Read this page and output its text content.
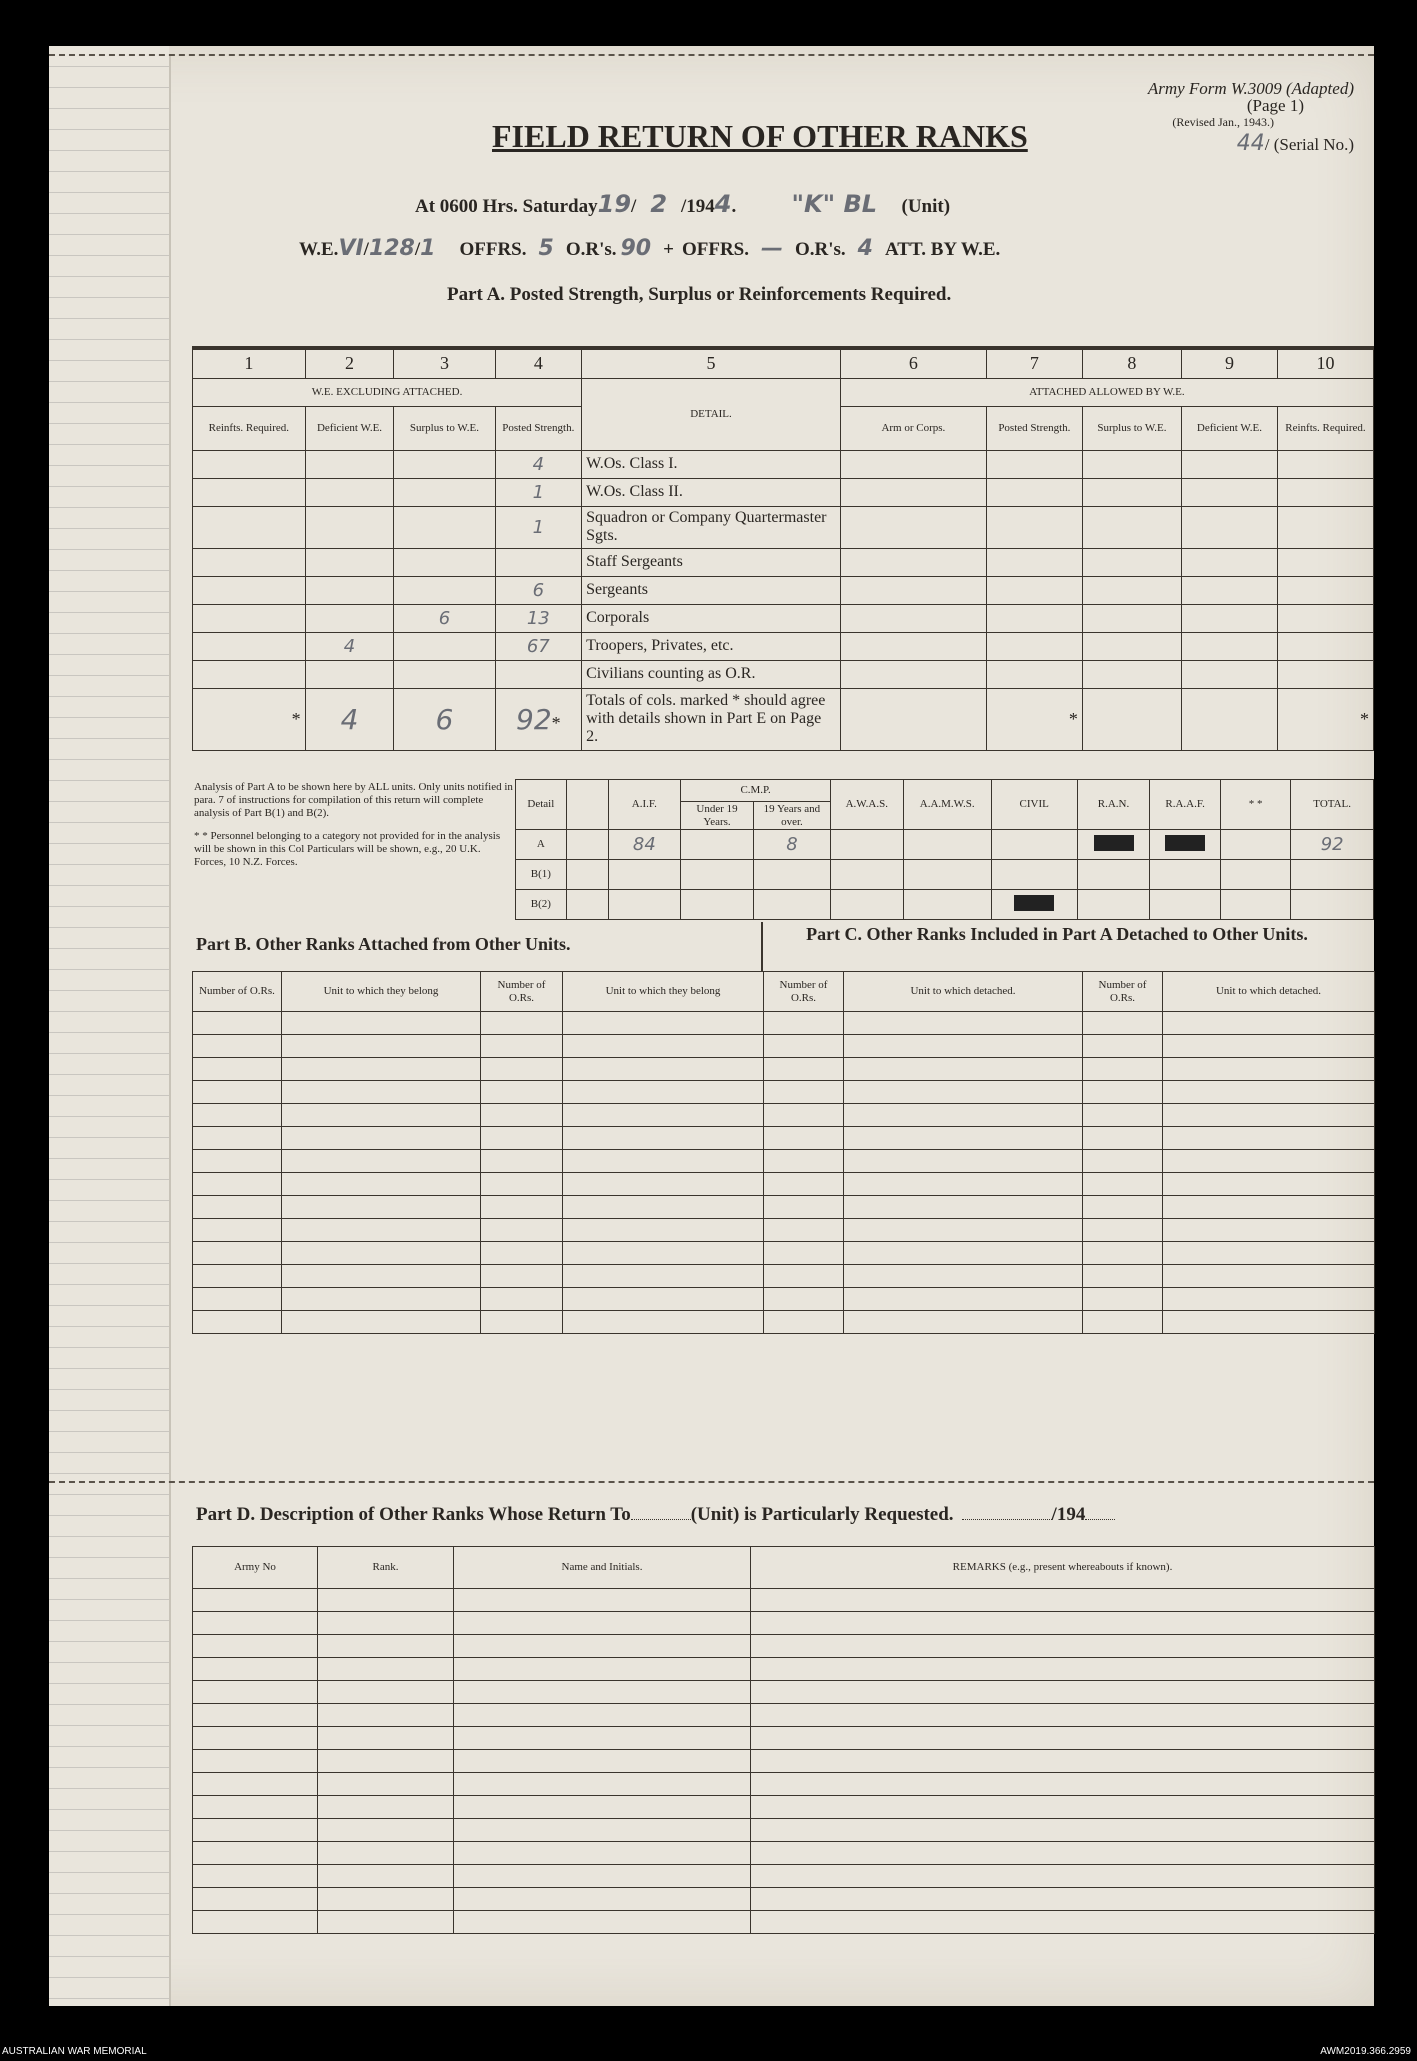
Army Form W.3009 (Adapted)
(Page 1)
(Revised Jan., 1943.)
44/ (Serial No.)
FIELD RETURN OF OTHER RANKS
At 0600 Hrs. Saturday19/ 2 /1944. "K" BL (Unit)
W.E.VI/128/1 OFFRS. 5 O.R's. 90 + OFFRS. — O.R's. 4 ATT. BY W.E.
Part A. Posted Strength, Surplus or Reinforcements Required.
1	2	3	4	5	6	7	8	9	10
W.E. EXCLUDING ATTACHED.				DETAIL.	ATTACHED ALLOWED BY W.E.				
Reinfts. Required.	Deficient W.E.	Surplus to W.E.	Posted Strength.		Arm or Corps.	Posted Strength.	Surplus to W.E.	Deficient W.E.	Reinfts. Required.
			4	W.Os. Class I.					
			1	W.Os. Class II.					
			1	Squadron or Company Quartermaster Sgts.					
				Staff Sergeants					
			6	Sergeants					
		6	13	Corporals					
	4		67	Troopers, Privates, etc.					
				Civilians counting as O.R.					
*	4	6	92*	Totals of cols. marked * should agree with details shown in Part E on Page 2.		*			*
Analysis of Part A to be shown here by ALL units. Only units notified in para. 7 of instructions for compilation of this return will complete analysis of Part B(1) and B(2).
* * Personnel belonging to a category not provided for in the analysis will be shown in this Col Particulars will be shown, e.g., 20 U.K. Forces, 10 N.Z. Forces.
Detail		A.I.F.	C.M.P.		A.W.A.S.	A.A.M.W.S.	CIVIL	R.A.N.	R.A.A.F.	* *	TOTAL.
			Under 19 Years.	19 Years and over.							
A		84		8							92
B(1)											
B(2)											
Part B. Other Ranks Attached from Other Units.	Part C. Other Ranks Included in Part A Detached to Other Units.
Number of O.Rs.	Unit to which they belong	Number of O.Rs.	Unit to which they belong	Number of O.Rs.	Unit to which detached.	Number of O.Rs.	Unit to which detached.

Part D. Description of Other Ranks Whose Return To	(Unit) is Particularly Requested.	/194
Army No	Rank.	Name and Initials.	REMARKS (e.g., present whereabouts if known).

AUSTRALIAN WAR MEMORIAL	AWM2019.366.2959
